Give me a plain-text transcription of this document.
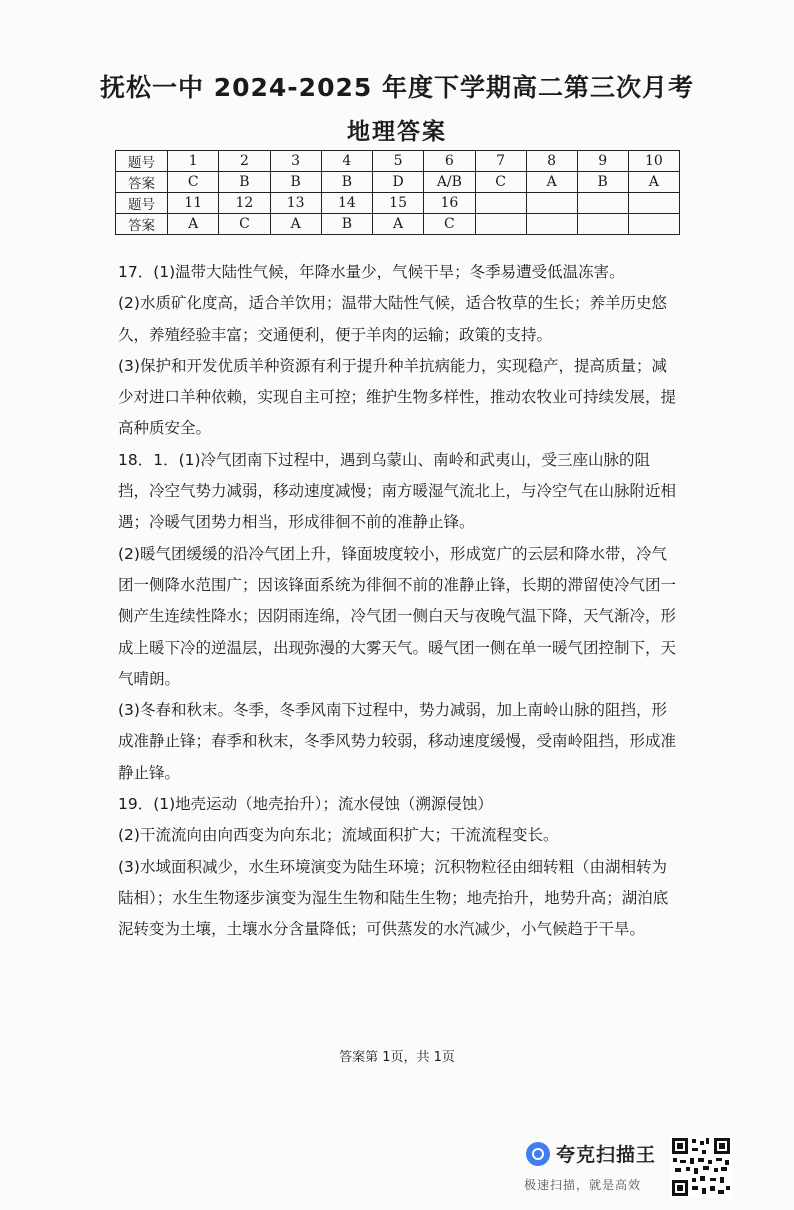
抚松一中 2024-2025 年度下学期高二第三次月考
地理答案
题号	1	2	3	4	5	6	7	8	9	10
答案	C	B	B	B	D	A/B	C	A	B	A
题号	11	12	13	14	15	16				
答案	A	C	A	B	A	C				

17．(1)温带大陆性气候，年降水量少，气候干旱；冬季易遭受低温冻害。

(2)水质矿化度高，适合羊饮用；温带大陆性气候，适合牧草的生长；养羊历史悠久，养殖经验丰富；交通便利，便于羊肉的运输；政策的支持。

(3)保护和开发优质羊种资源有利于提升种羊抗病能力，实现稳产，提高质量；减少对进口羊种依赖，实现自主可控；维护生物多样性，推动农牧业可持续发展，提高种质安全。

18．1．(1)冷气团南下过程中，遇到乌蒙山、南岭和武夷山，受三座山脉的阻挡，冷空气势力减弱，移动速度减慢；南方暖湿气流北上，与冷空气在山脉附近相遇；冷暖气团势力相当，形成徘徊不前的准静止锋。

(2)暖气团缓缓的沿冷气团上升，锋面坡度较小，形成宽广的云层和降水带，冷气团一侧降水范围广；因该锋面系统为徘徊不前的准静止锋，长期的滞留使冷气团一侧产生连续性降水；因阴雨连绵，冷气团一侧白天与夜晚气温下降，天气渐冷，形成上暖下冷的逆温层，出现弥漫的大雾天气。暖气团一侧在单一暖气团控制下，天气晴朗。

(3)冬春和秋末。冬季，冬季风南下过程中，势力减弱，加上南岭山脉的阻挡，形成准静止锋；春季和秋末，冬季风势力较弱，移动速度缓慢，受南岭阻挡，形成准静止锋。

19．(1)地壳运动（地壳抬升）；流水侵蚀（溯源侵蚀）

(2)干流流向由向西变为向东北；流域面积扩大；干流流程变长。

(3)水域面积减少，水生环境演变为陆生环境；沉积物粒径由细转粗（由湖相转为陆相）；水生生物逐步演变为湿生生物和陆生生物；地壳抬升，地势升高；湖泊底泥转变为土壤，土壤水分含量降低；可供蒸发的水汽减少，小气候趋于干旱。

答案第 1页，共 1页
夸克扫描王
极速扫描，就是高效
